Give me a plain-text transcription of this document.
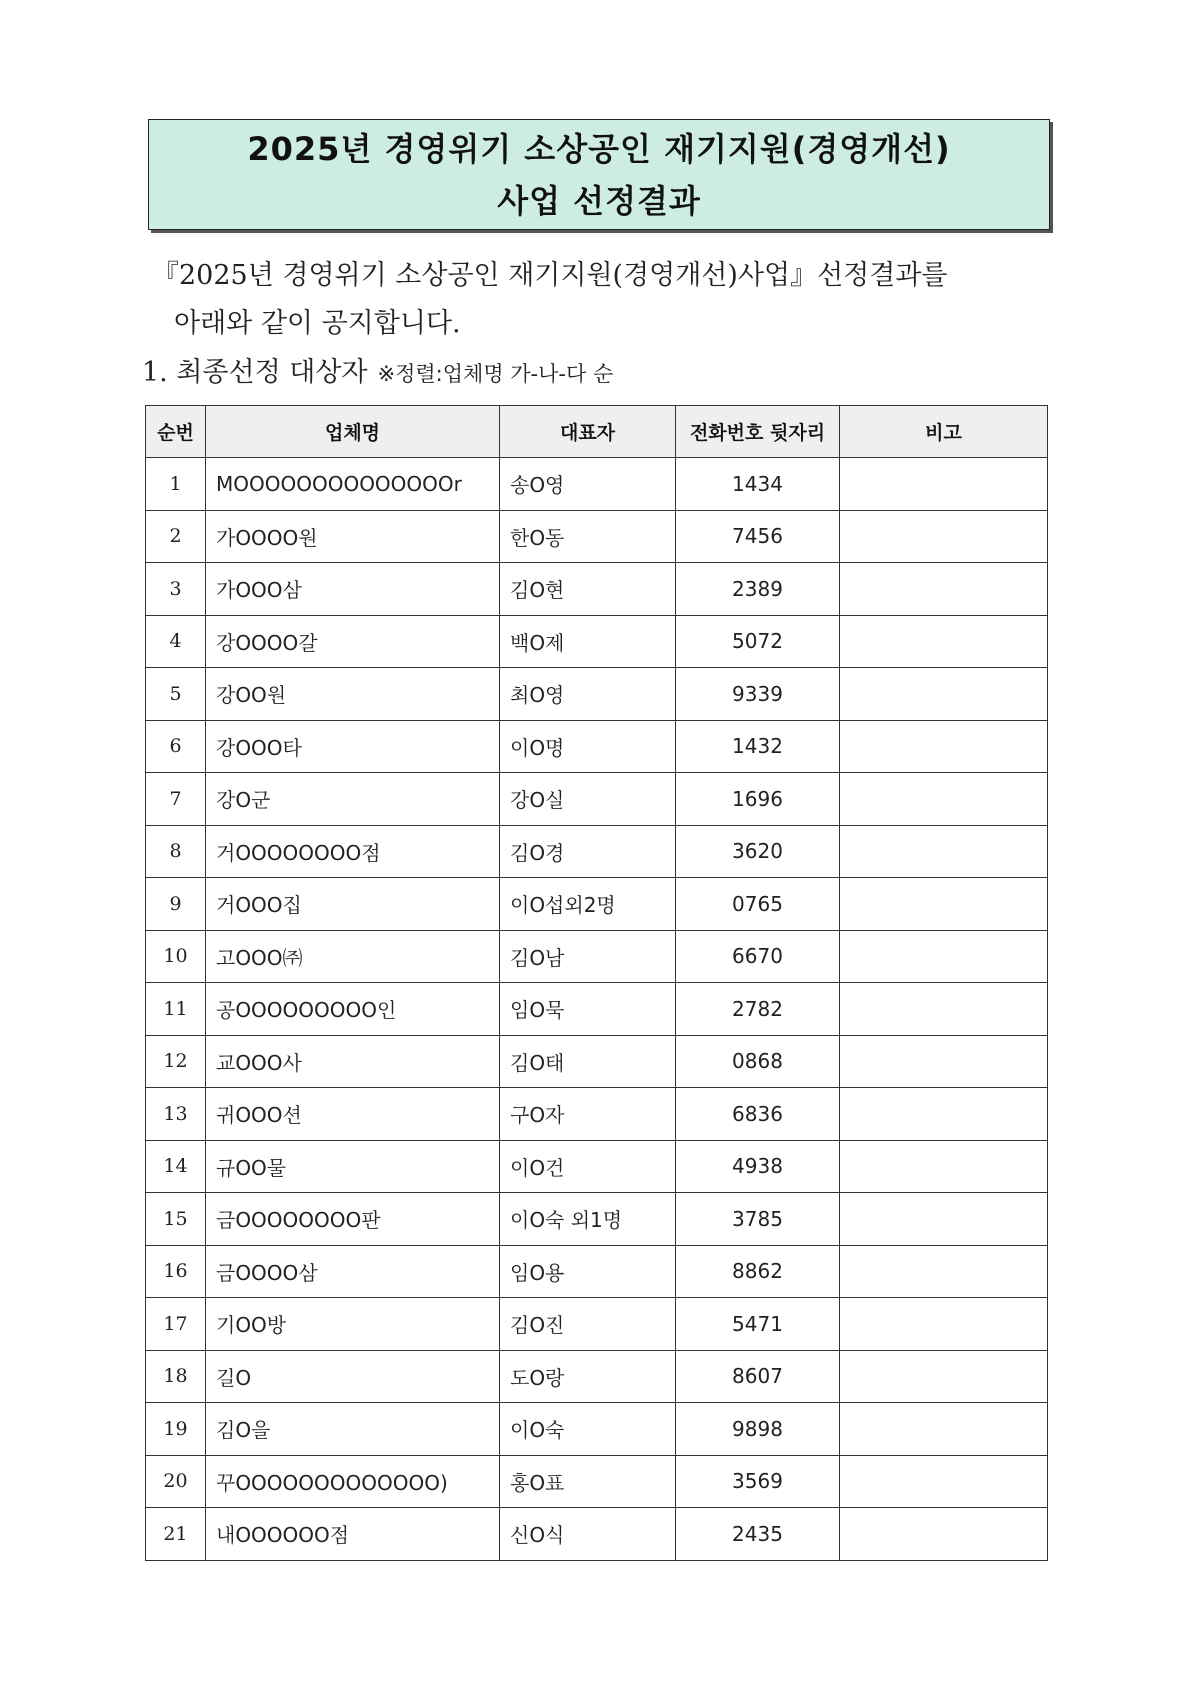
2025년 경영위기 소상공인 재기지원(경영개선)
사업 선정결과
『2025년 경영위기 소상공인 재기지원(경영개선)사업』선정결과를
아래와 같이 공지합니다.
1. 최종선정 대상자 ※정렬:업체명 가-나-다 순
순번	업체명	대표자	전화번호 뒷자리	비고
1	MOOOOOOOOOOOOOOr	송O영	1434	
2	가OOOO원	한O동	7456	
3	가OOO삼	김O현	2389	
4	강OOOO갈	백O제	5072	
5	강OO원	최O영	9339	
6	강OOO타	이O명	1432	
7	강O군	강O실	1696	
8	거OOOOOOOO점	김O경	3620	
9	거OOO집	이O섭외2명	0765	
10	고OOO㈜	김O남	6670	
11	공OOOOOOOOO인	임O묵	2782	
12	교OOO사	김O태	0868	
13	귀OOO션	구O자	6836	
14	규OO물	이O건	4938	
15	금OOOOOOOO판	이O숙 외1명	3785	
16	금OOOO삼	임O용	8862	
17	기OO방	김O진	5471	
18	길O	도O랑	8607	
19	김O을	이O숙	9898	
20	꾸OOOOOOOOOOOOO)	홍O표	3569	
21	내OOOOOO점	신O식	2435	
